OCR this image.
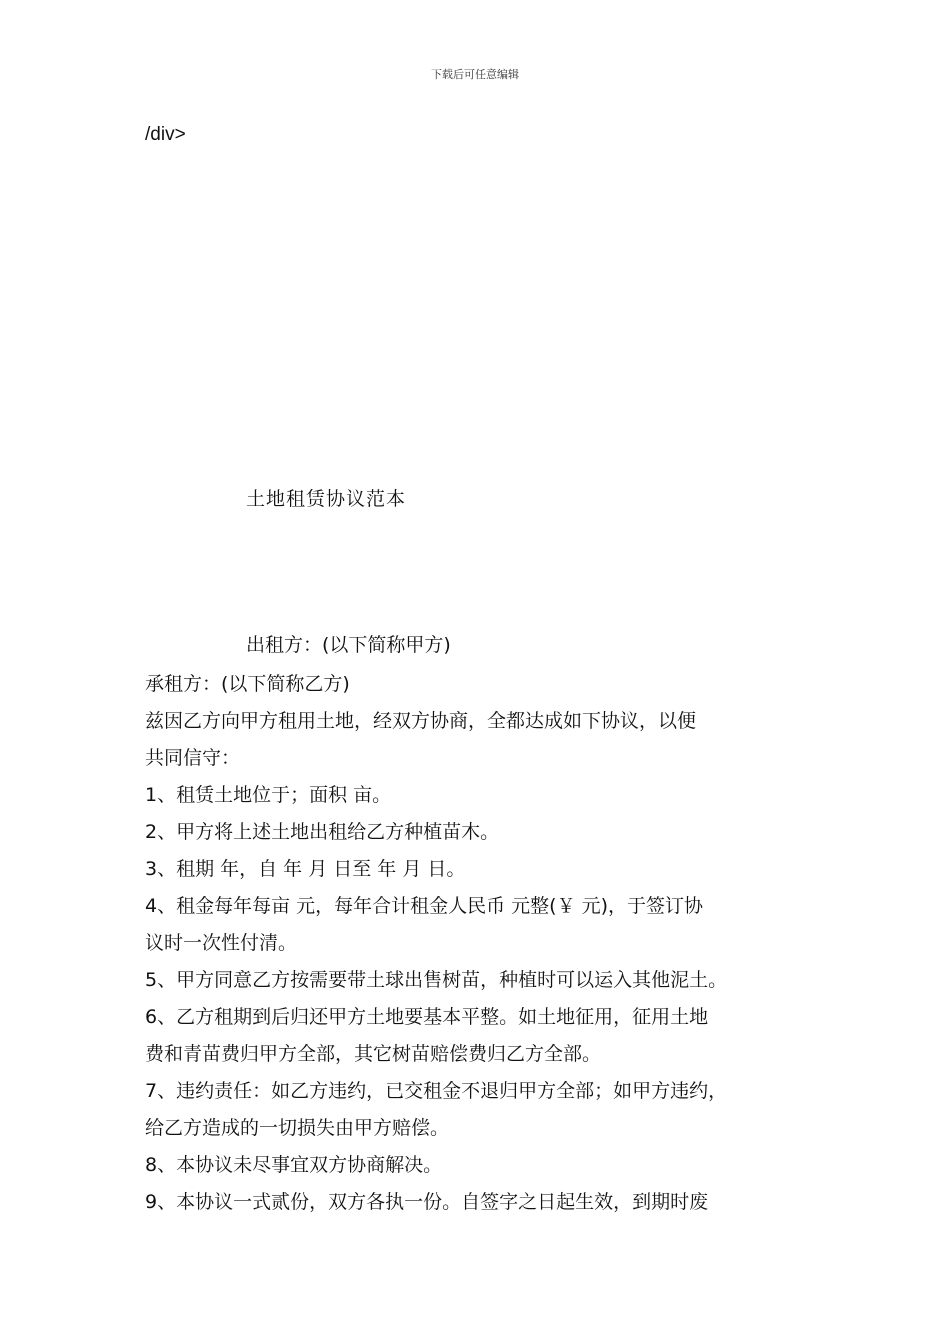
下载后可任意编辑
/div>
土地租赁协议范本
出租方：(以下简称甲方)

承租方：(以下简称乙方)

兹因乙方向甲方租用土地，经双方协商，全都达成如下协议，以便

共同信守：

1、租赁土地位于；面积 亩。

2、甲方将上述土地出租给乙方种植苗木。

3、租期 年，自 年 月 日至 年 月 日。

4、租金每年每亩 元，每年合计租金人民币 元整(￥ 元)，于签订协

议时一次性付清。

5、甲方同意乙方按需要带土球出售树苗，种植时可以运入其他泥土。

6、乙方租期到后归还甲方土地要基本平整。如土地征用，征用土地

费和青苗费归甲方全部，其它树苗赔偿费归乙方全部。

7、违约责任：如乙方违约，已交租金不退归甲方全部；如甲方违约，

给乙方造成的一切损失由甲方赔偿。

8、本协议未尽事宜双方协商解决。

9、本协议一式贰份，双方各执一份。自签字之日起生效，到期时废
